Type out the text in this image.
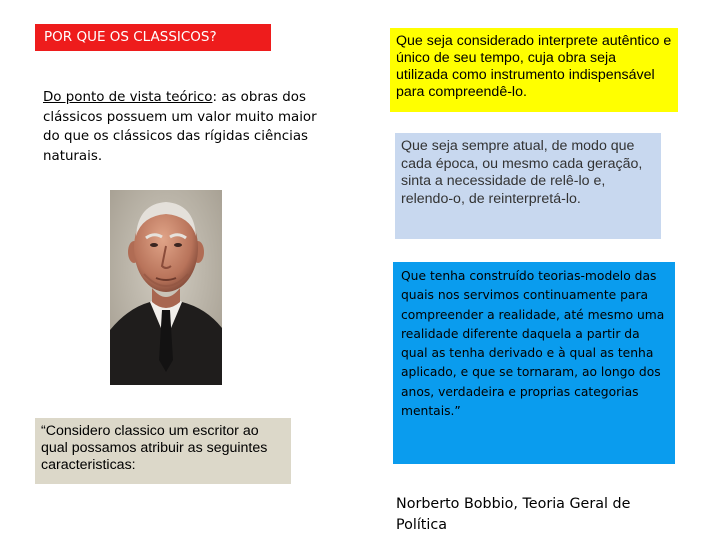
POR QUE OS CLASSICOS?
Do ponto de vista teórico: as obras dos clássicos possuem um valor muito maior do que os clássicos das rígidas ciências naturais.
“Considero classico um escritor ao qual possamos atribuir as seguintes caracteristicas:
Que seja considerado interprete autêntico e único de seu tempo, cuja obra seja utilizada como instrumento indispensável para compreendê-lo.
Que seja sempre atual, de modo que cada época, ou mesmo cada geração, sinta a necessidade de relê-lo e, relendo-o, de reinterpretá-lo.
Que tenha construído teorias-modelo das quais nos servimos continuamente para compreender a realidade, até mesmo uma realidade diferente daquela a partir da qual as tenha derivado e à qual as tenha aplicado, e que se tornaram, ao longo dos anos, verdadeira e proprias categorias mentais.”
Norberto Bobbio, Teoria Geral de Política
